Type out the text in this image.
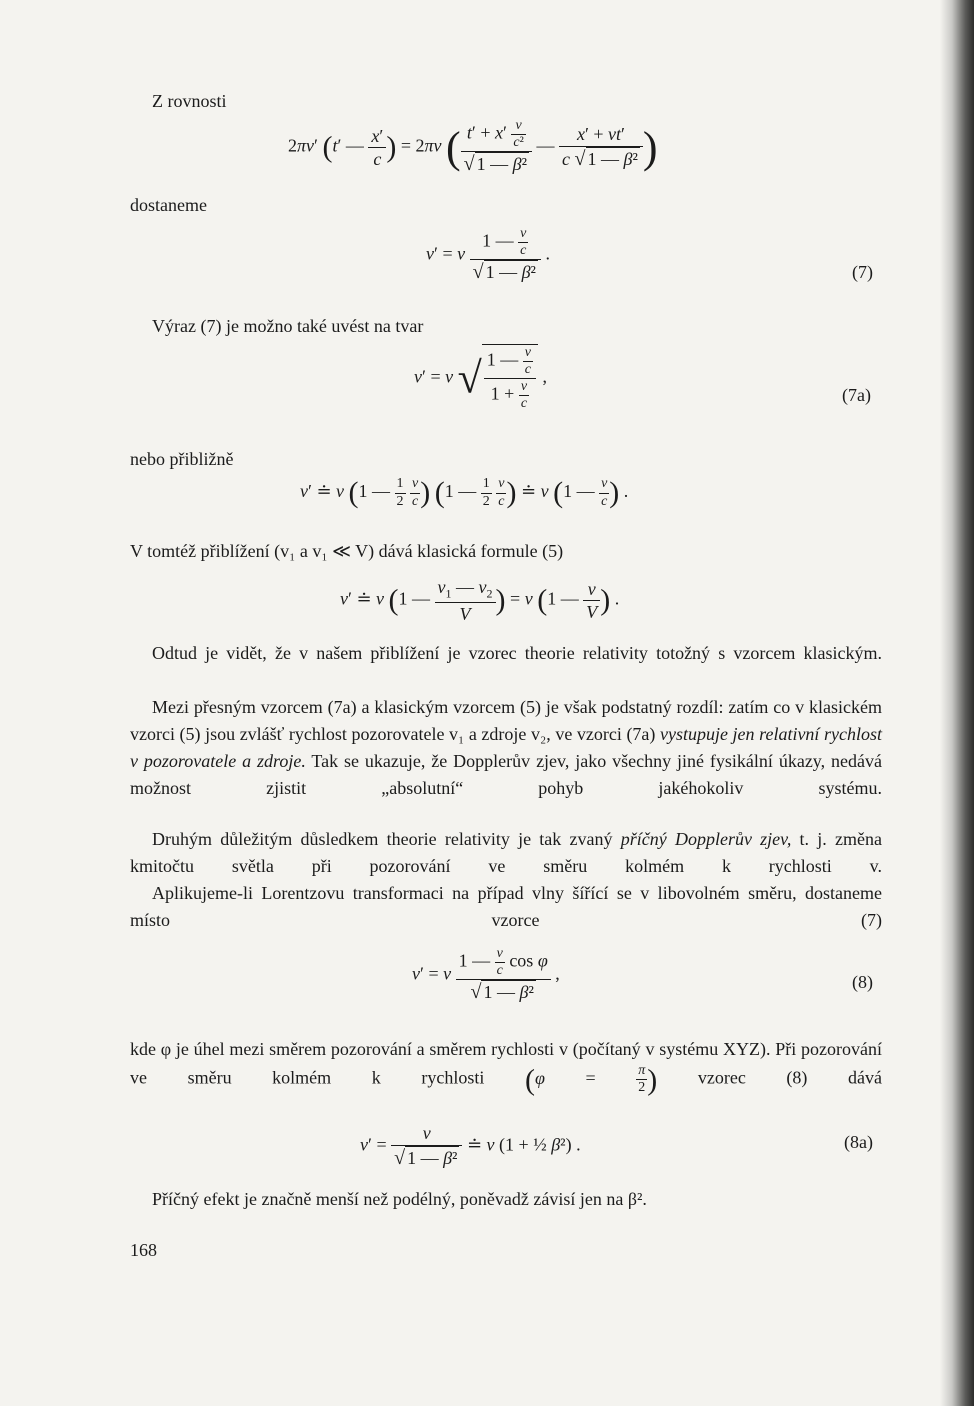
Z rovnosti

2πν′ (t′ — $\frac{x'}{c}$ ) = 2πν ( $\frac{t' + x' \frac{v}{\text{c²}}}{\text{√ 1 — β²}}$ — $\frac{x' + vt'}{\text{c √ 1 — β²}}$ )

dostaneme

ν′ = ν $\frac{1 — \frac{v}{c}}{\text{√ 1 — β²}}$ .
(7)

Výraz (7) je možno také uvést na tvar

ν′ = ν √ $\frac{1 — \frac{v}{c}}{1 + \frac{v}{c}}$ ,
(7a)

nebo přibližně

ν′ ≐ ν (1 — $\frac{1}{2}$
$\frac{v}{c}$ ) (1 — $\frac{1}{2}$
$\frac{v}{c}$ ) ≐ ν (1 — $\frac{v}{c}$ ) .

V tomtéž přiblížení (v₁ a v₁ ≪ V) dává klasická formule (5)

ν′ ≐ ν (1 — $\frac{v_1 — v_2}{V}$ ) = ν (1 — $\frac{v}{V}$ ) .

Odtud je vidět, že v našem přiblížení je vzorec theorie relativity totožný s vzorcem klasickým.

Mezi přesným vzorcem (7a) a klasickým vzorcem (5) je však podstatný rozdíl: zatím co v klasickém vzorci (5) jsou zvlášť rychlost pozorovatele v₁ a zdroje v₂, ve vzorci (7a) vystupuje jen relativní rychlost v pozorovatele a zdroje. Tak se ukazuje, že Dopplerův zjev, jako všechny jiné fysikální úkazy, nedává možnost zjistit „absolutní“ pohyb jakéhokoliv systému.

Druhým důležitým důsledkem theorie relativity je tak zvaný příčný Dopplerův zjev, t. j. změna kmitočtu světla při pozorování ve směru kolmém k rychlosti v.

Aplikujeme-li Lorentzovu transformaci na případ vlny šířící se v libovolném směru, dostaneme místo vzorce (7)

ν′ = ν $\frac{1 — \frac{v}{c} \cos \varphi}{\text{√ 1 — β²}}$ ,	(8)

kde φ je úhel mezi směrem pozorování a směrem rychlosti v (počítaný v systému XYZ). Při pozorování ve směru kolmém k rychlosti ($\varphi = \frac{\pi}{2}$ ) vzorec (8) dává

$\nu' = \frac{\nu}{\text{√ 1 — β²}}$ ≐ ν (1 + ½ β²) .	(8a)

Příčný efekt je značně menší než podélný, poněvadž závisí jen na β².

168
